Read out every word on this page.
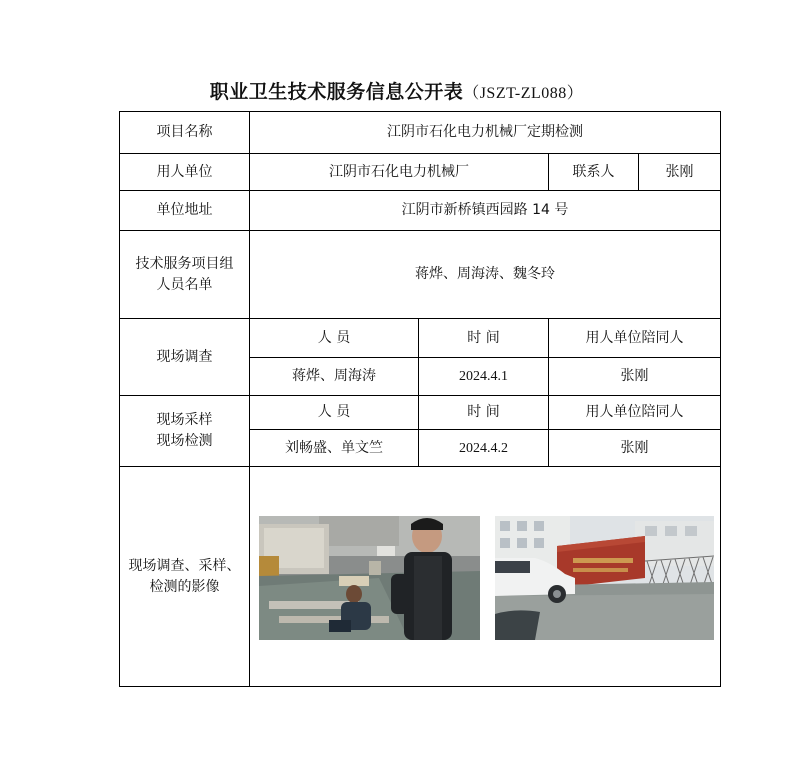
职业卫生技术服务信息公开表（JSZT-ZL088）
项目名称	江阴市石化电力机械厂定期检测			
用人单位	江阴市石化电力机械厂		联系人	张刚
单位地址	江阴市新桥镇西园路 14 号			

技术服务项目组
人员名单	蒋烨、周海涛、魏冬玲			
现场调查	人 员	时 间	用人单位陪同人	
	蒋烨、周海涛	2024.4.1	张刚	

现场采样
现场检测	人 员	时 间	用人单位陪同人	
	刘畅盛、单文竺	2024.4.2	张刚	

现场调查、采样、
检测的影像				
